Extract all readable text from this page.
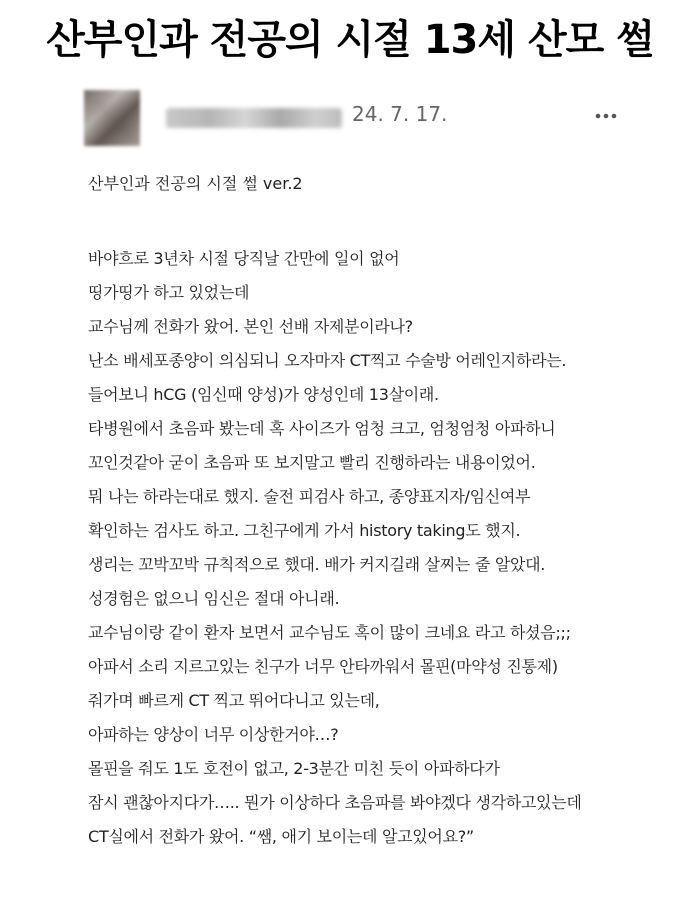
산부인과 전공의 시절 13세 산모 썰
24. 7. 17.

산부인과 전공의 시절 썰 ver.2

바야흐로 3년차 시절 당직날 간만에 일이 없어

띵가띵가 하고 있었는데

교수님께 전화가 왔어. 본인 선배 자제분이라나?

난소 배세포종양이 의심되니 오자마자 CT찍고 수술방 어레인지하라는.

들어보니 hCG (임신때 양성)가 양성인데 13살이래.

타병원에서 초음파 봤는데 혹 사이즈가 엄청 크고, 엄청엄청 아파하니

꼬인것같아 굳이 초음파 또 보지말고 빨리 진행하라는 내용이었어.

뭐 나는 하라는대로 했지. 술전 피검사 하고, 종양표지자/임신여부

확인하는 검사도 하고. 그친구에게 가서 history taking도 했지.

생리는 꼬박꼬박 규칙적으로 했대. 배가 커지길래 살찌는 줄 알았대.

성경험은 없으니 임신은 절대 아니래.

교수님이랑 같이 환자 보면서 교수님도 혹이 많이 크네요 라고 하셨음;;;

아파서 소리 지르고있는 친구가 너무 안타까워서 몰핀(마약성 진통제)

줘가며 빠르게 CT 찍고 뛰어다니고 있는데,

아파하는 양상이 너무 이상한거야…?

몰핀을 줘도 1도 호전이 없고, 2-3분간 미친 듯이 아파하다가

잠시 괜찮아지다가….. 뭔가 이상하다 초음파를 봐야겠다 생각하고있는데

CT실에서 전화가 왔어. “쌤, 애기 보이는데 알고있어요?”
